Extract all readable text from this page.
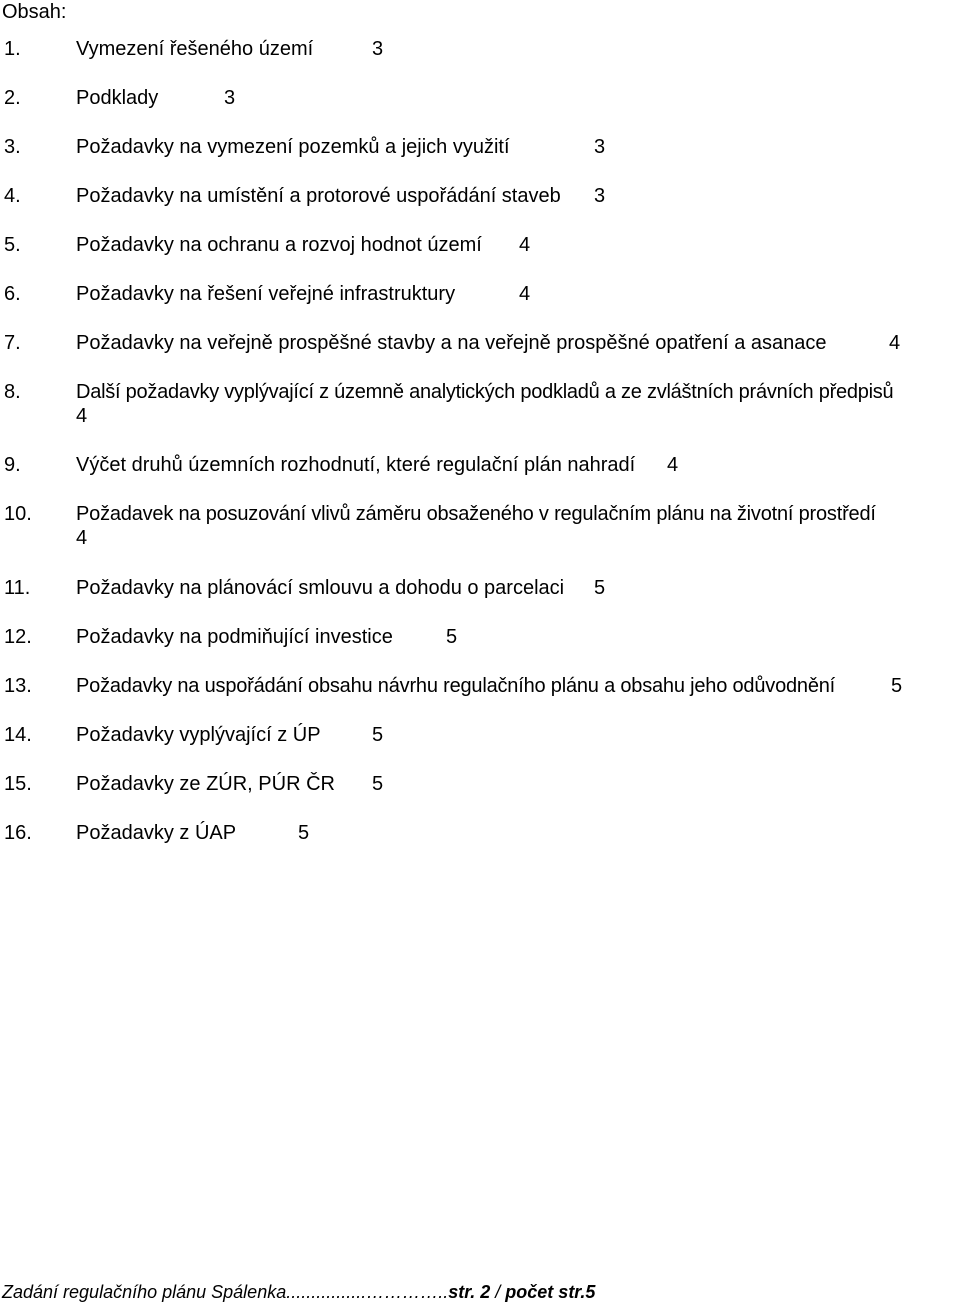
Obsah:
1.	Vymezení řešeného území	3
2.	Podklady	3
3.	Požadavky na vymezení pozemků a jejich využití	3
4.	Požadavky na umístění a protorové uspořádání staveb 3
5.	Požadavky na ochranu a rozvoj hodnot území 4
6.	Požadavky na řešení veřejné infrastruktury	4
7.	Požadavky na veřejně prospěšné stavby a na veřejně prospěšné opatření a asanace	4
8.	Další požadavky vyplývající z územně analytických podkladů a ze zvláštních právních předpisů
4
9.	Výčet druhů územních rozhodnutí, které regulační plán nahradí 4
10. Požadavek na posuzování vlivů záměru obsaženého v regulačním plánu na životní prostředí
4
11. Požadavky na plánovácí smlouvu a dohodu o parcelaci 5
12. Požadavky na podmiňující investice	5
13. Požadavky na uspořádání obsahu návrhu regulačního plánu a obsahu jeho odůvodnění	5
14. Požadavky vyplývající z ÚP	5
15. Požadavky ze ZÚR, PÚR ČR 5
16. Požadavky z ÚAP	5
Zadání regulačního plánu Spálenka................…………..str. 2 / počet str.5
